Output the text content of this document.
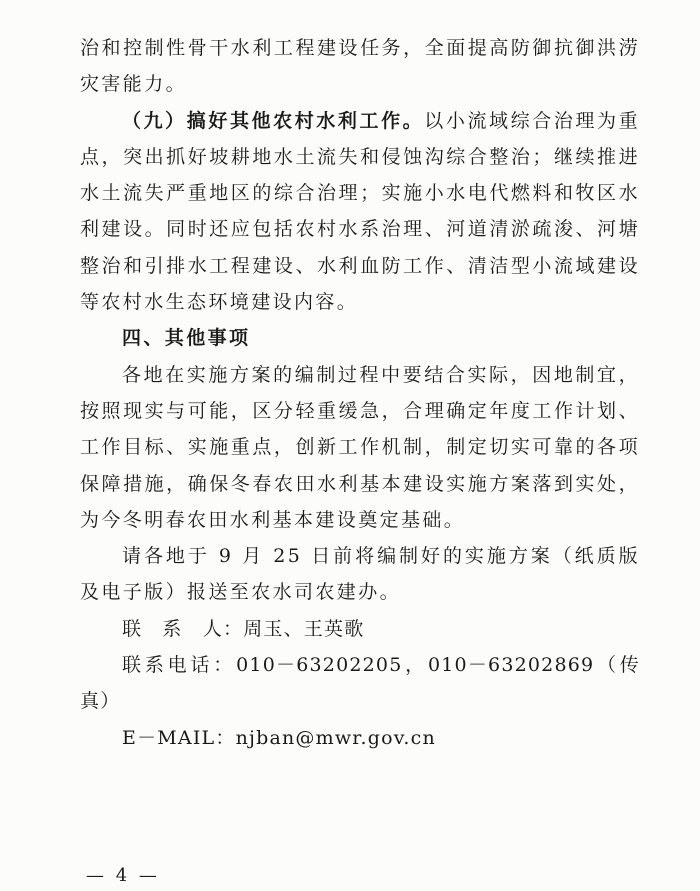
治和控制性骨干水利工程建设任务，全面提高防御抗御洪涝灾害能力。

（九）搞好其他农村水利工作。以小流域综合治理为重点，突出抓好坡耕地水土流失和侵蚀沟综合整治；继续推进水土流失严重地区的综合治理；实施小水电代燃料和牧区水利建设。同时还应包括农村水系治理、河道清淤疏浚、河塘整治和引排水工程建设、水利血防工作、清洁型小流域建设等农村水生态环境建设内容。

四、其他事项

各地在实施方案的编制过程中要结合实际，因地制宜，按照现实与可能，区分轻重缓急，合理确定年度工作计划、工作目标、实施重点，创新工作机制，制定切实可靠的各项保障措施，确保冬春农田水利基本建设实施方案落到实处，为今冬明春农田水利基本建设奠定基础。

请各地于 9 月 25 日前将编制好的实施方案（纸质版及电子版）报送至农水司农建办。

联　系　人：周玉、王英歌

联系电话：010－63202205，010－63202869（传真）

E－MAIL：njban@mwr.gov.cn

— 4 —
